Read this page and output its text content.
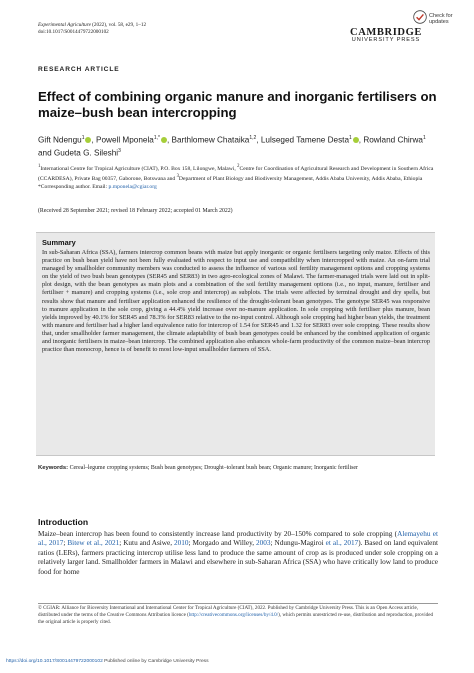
Experimental Agriculture (2022), vol. 58, e29, 1–12
doi:10.1017/S0014479722000102
Check for updates
CAMBRIDGE
UNIVERSITY PRESS
RESEARCH ARTICLE
Effect of combining organic manure and inorganic fertilisers on maize–bush bean intercropping
Gift Ndengu$^1$ , Powell Mponela$^{1,*}$ , Barthlomew Chataika$^{1,2}$, Lulseged Tamene Desta$^1$ , Rowland Chirwa$^1$ and Gudeta G. Sileshi$^3$
$^1$International Centre for Tropical Agriculture (CIAT), P.O. Box 158, Lilongwe, Malawi, $^2$Centre for Coordination of Agricultural Research and Development in Southern Africa (CCARDESA), Private Bag 00357, Gaborone, Botswana and $^3$Department of Plant Biology and Biodiversity Management, Addis Ababa University, Addis Ababa, Ethiopia
*Corresponding author. Email: p.mponela@cgiar.org
(Received 28 September 2021; revised 18 February 2022; accepted 01 March 2022)
Summary
In sub-Saharan Africa (SSA), farmers intercrop common beans with maize but apply inorganic or organic fertilisers targeting only maize. Effects of this practice on bush bean yield have not been fully evaluated with respect to input use and compatibility when intercropped with maize. An on-farm trial managed by smallholder community members was conducted to assess the influence of various soil fertility management options and cropping systems on the yield of two bush bean genotypes (SER45 and SER83) in two agro-ecological zones of Malawi. The farmer-managed trials were laid out in split-plot design, with the bean genotypes as main plots and a combination of the soil fertility management options (i.e., no input, manure, fertiliser and fertiliser + manure) and cropping systems (i.e., sole crop and intercrop) as subplots. The trials were affected by terminal drought and dry spells, but results show that manure and fertiliser application enhanced the resilience of the drought-tolerant bean genotypes. The genotype SER45 was responsive to manure application in the sole crop, giving a 44.4% yield increase over no-manure application. In sole cropping with fertiliser plus manure, bean yields improved by 40.1% for SER45 and 78.3% for SER83 relative to the no-input control. Although sole cropping had higher bean yields, the treatment with manure and fertiliser had a higher land equivalence ratio for intercrop of 1.54 for SER45 and 1.32 for SER83 over sole cropping. These results show that, under smallholder farmer management, the climate adaptability of bush bean genotypes could be enhanced by the combined application of organic and inorganic fertilisers in maize–bean intercrop. The combined application also enhances whole-farm productivity of the common maize–bean intercrop practice than monocrop, hence is of benefit to most low-input smallholder farmers of SSA.
Keywords: Cereal–legume cropping systems; Bush bean genotypes; Drought–tolerant bush bean; Organic manure; Inorganic fertiliser
Introduction
Maize–bean intercrop has been found to consistently increase land productivity by 20–150% compared to sole cropping (Alemayehu et al., 2017; Bitew et al., 2021; Kutu and Asiwe, 2010; Morgado and Willey, 2003; Ndungu-Magiroi et al., 2017). Based on land equivalent ratios (LERs), farmers practicing intercrop utilise less land to produce the same amount of crop as is produced under sole cropping on a relatively larger land. Smallholder farmers in Malawi and elsewhere in sub-Saharan Africa (SSA) who have critically low land to produce food for home
© CGIAR: Alliance for Bioversity International and International Center for Tropical Agriculture (CIAT), 2022. Published by Cambridge University Press. This is an Open Access article, distributed under the terms of the Creative Commons Attribution licence (http://creativecommons.org/licenses/by/4.0/), which permits unrestricted re-use, distribution and reproduction, provided the original article is properly cited.
https://doi.org/10.1017/S0014479722000102 Published online by Cambridge University Press
